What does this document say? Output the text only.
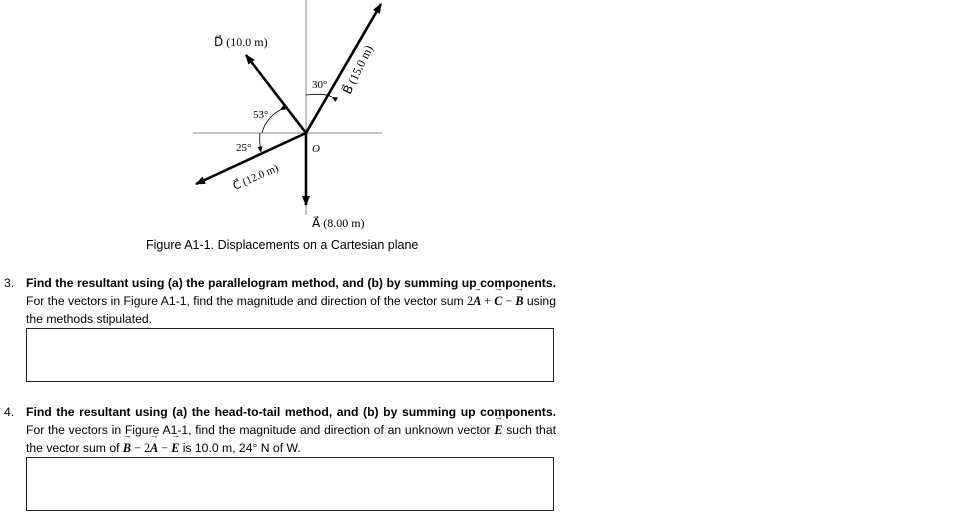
D⃗ (10.0 m)
B⃗ (15.0 m)
30°
53°
25°	O
C⃗ (12.0 m)
A⃗ (8.00 m)
Figure A1-1. Displacements on a Cartesian plane
3. Find the resultant using (a) the parallelogram method, and (b) by summing up components. For the vectors in Figure A1-1, find the magnitude and direction of the vector sum 2→ A + → C − → B using the methods stipulated.
4. Find the resultant using (a) the head-to-tail method, and (b) by summing up components. For the vectors in Figure A1-1, find the magnitude and direction of an unknown vector → E such that the vector sum of → B − 2→ A − → E is 10.0 m, 24° N of W.
